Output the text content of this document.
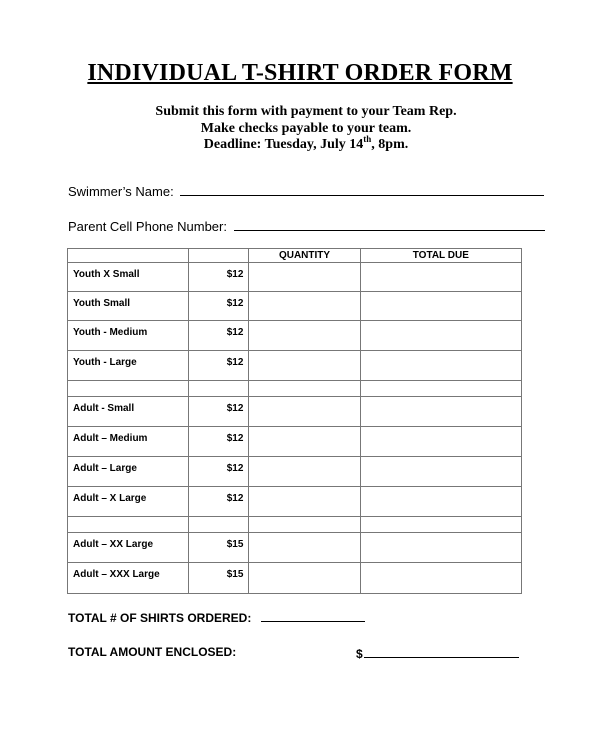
INDIVIDUAL T-SHIRT ORDER FORM
Submit this form with payment to your Team Rep.
Make checks payable to your team.
Deadline: Tuesday, July 14th, 8pm.
Swimmer’s Name:
Parent Cell Phone Number:
		QUANTITY	TOTAL DUE
Youth X Small	$12		
Youth Small	$12		
Youth - Medium	$12		
Youth - Large	$12		

Adult - Small	$12		
Adult – Medium	$12		
Adult – Large	$12		
Adult – X Large	$12		

Adult – XX Large	$15		
Adult – XXX Large	$15		
TOTAL # OF SHIRTS ORDERED:
TOTAL AMOUNT ENCLOSED:	$
